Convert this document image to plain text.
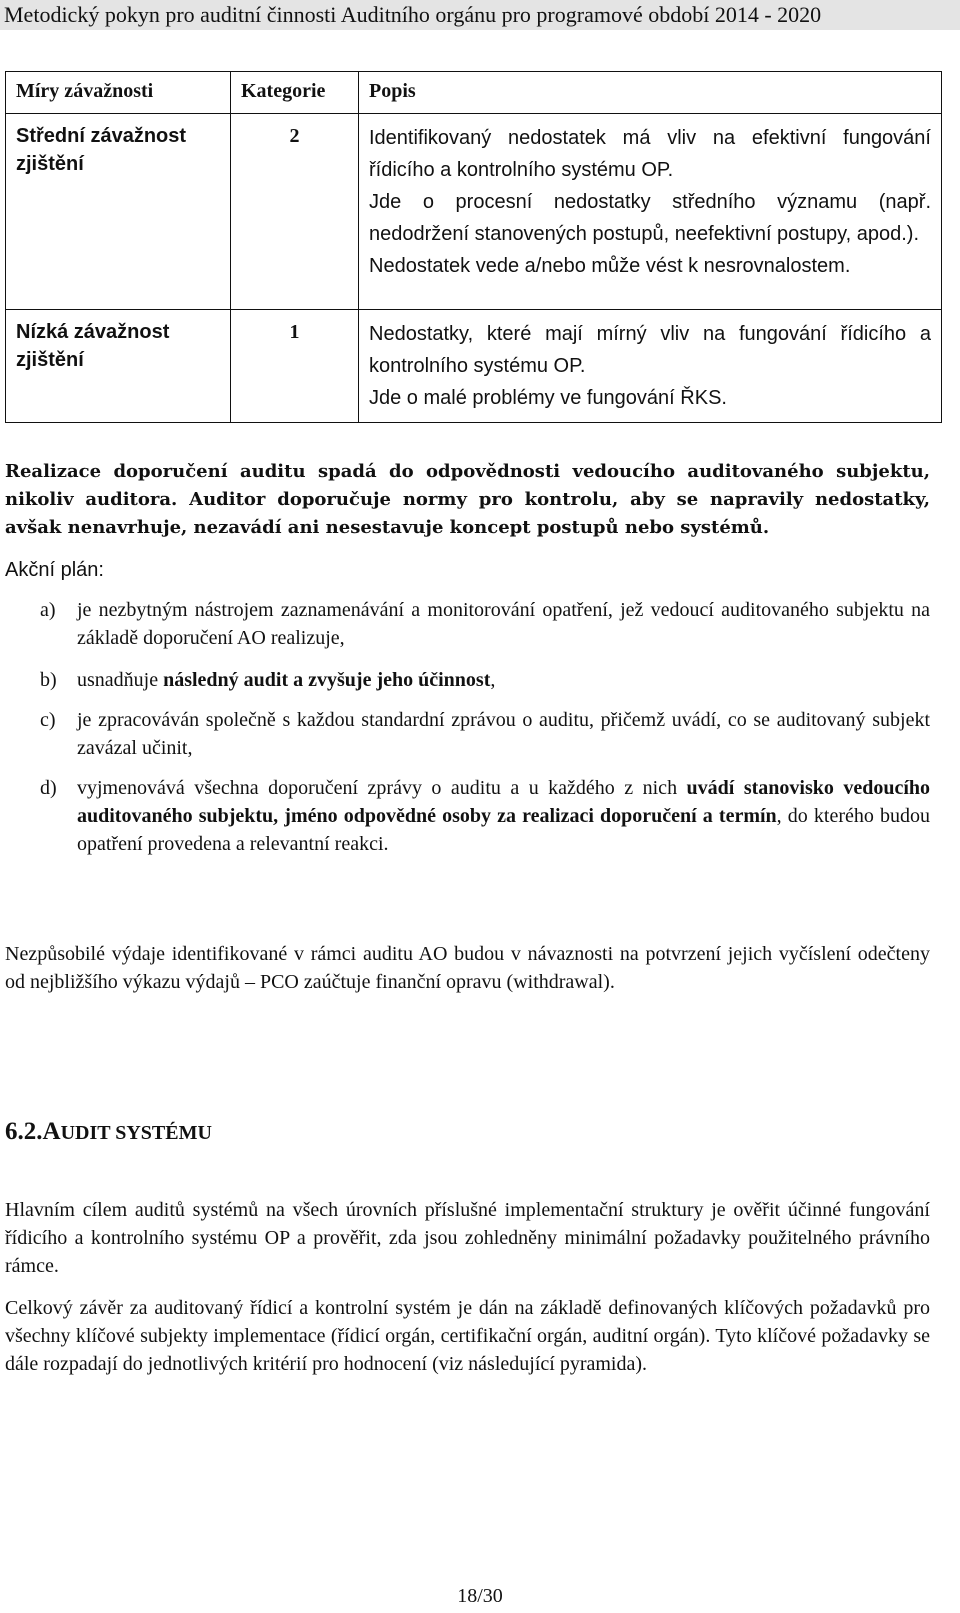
Metodický pokyn pro auditní činnosti Auditního orgánu pro programové období 2014 - 2020
Míry závažnosti	Kategorie	Popis
Střední závažnost zjištění	2	Identifikovaný nedostatek má vliv na efektivní fungování řídicího a kontrolního systému OP.

Jde o procesní nedostatky středního významu (např. nedodržení stanovených postupů, neefektivní postupy, apod.).

Nedostatek vede a/nebo může vést k nesrovnalostem.

Nízká závažnost zjištění	1	Nedostatky, které mají mírný vliv na fungování řídicího a kontrolního systému OP.

Jde o malé problémy ve fungování ŘKS.

Realizace doporučení auditu spadá do odpovědnosti vedoucího auditovaného subjektu, nikoliv auditora. Auditor doporučuje normy pro kontrolu, aby se napravily nedostatky, avšak nenavrhuje, nezavádí ani nesestavuje koncept postupů nebo systémů.
Akční plán:
a) je nezbytným nástrojem zaznamenávání a monitorování opatření, jež vedoucí auditovaného subjektu na základě doporučení AO realizuje,
b) usnadňuje následný audit a zvyšuje jeho účinnost,
c) je zpracováván společně s každou standardní zprávou o auditu, přičemž uvádí, co se auditovaný subjekt zavázal učinit,
d) vyjmenovává všechna doporučení zprávy o auditu a u každého z nich uvádí stanovisko vedoucího auditovaného subjektu, jméno odpovědné osoby za realizaci doporučení a termín, do kterého budou opatření provedena a relevantní reakci.
Nezpůsobilé výdaje identifikované v rámci auditu AO budou v návaznosti na potvrzení jejich vyčíslení odečteny od nejbližšího výkazu výdajů – PCO zaúčtuje finanční opravu (withdrawal).
6.2.AUDIT SYSTÉMU
Hlavním cílem auditů systémů na všech úrovních příslušné implementační struktury je ověřit účinné fungování řídicího a kontrolního systému OP a prověřit, zda jsou zohledněny minimální požadavky použitelného právního rámce.
Celkový závěr za auditovaný řídicí a kontrolní systém je dán na základě definovaných klíčových požadavků pro všechny klíčové subjekty implementace (řídicí orgán, certifikační orgán, auditní orgán). Tyto klíčové požadavky se dále rozpadají do jednotlivých kritérií pro hodnocení (viz následující pyramida).
18/30
